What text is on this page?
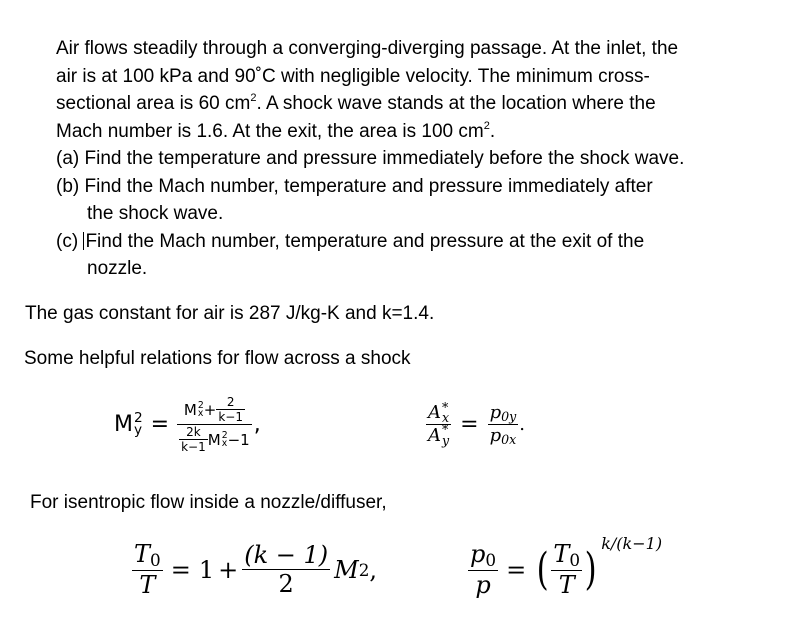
Air flows steadily through a converging-diverging passage. At the inlet, the
air is at 100 kPa and 90˚C with negligible velocity. The minimum cross-
sectional area is 60 $cm^2$. A shock wave stands at the location where the
Mach number is 1.6. At the exit, the area is 100 $cm^2$.
(a) Find the temperature and pressure immediately before the shock wave.
(b) Find the Mach number, temperature and pressure immediately after
the shock wave.
(c) Find the Mach number, temperature and pressure at the exit of the
nozzle.
The gas constant for air is 287 J/kg-K and k=1.4.
Some helpful relations for flow across a shock
M 2
y = M 2
$x + \frac{2}{k-1}$
$\frac{2k}{k-1}$ M 2
x −1 ,	A *
x
A *
$y = \frac{p_{0y}}{p_{0x}}$ .
For isentropic flow inside a nozzle/diffuser,
$\frac{T_0}{T} = 1 + \frac{(k - 1)}{2}$ M 2 ,	$\frac{p_0}{p}$ = ( $\frac{T_0}{T}$ )
k/(k−1)
